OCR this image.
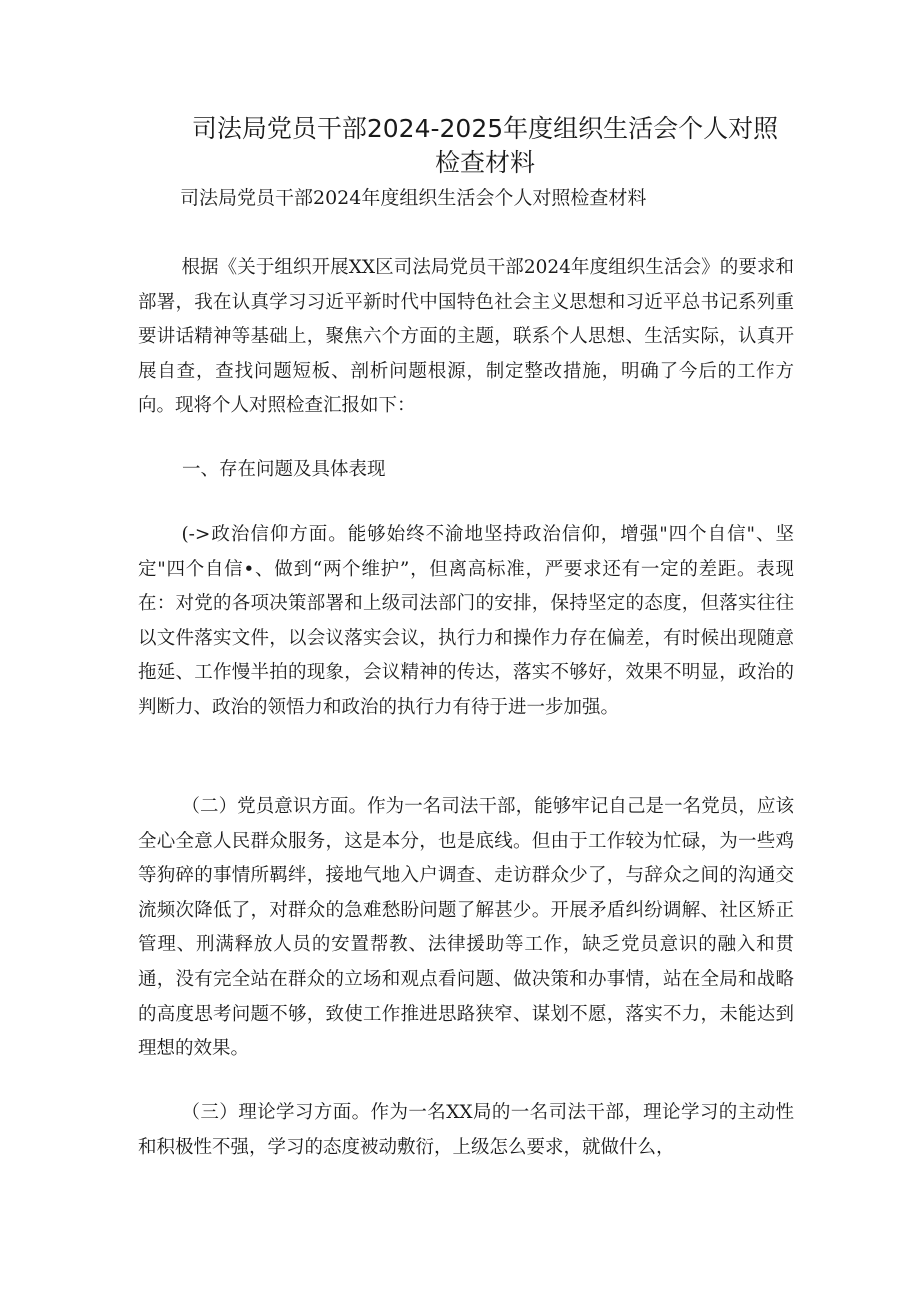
司法局党员干部2024-2025年度组织生活会个人对照检查材料

司法局党员干部2024年度组织生活会个人对照检查材料

根据《关于组织开展XX区司法局党员干部2024年度组织生活会》的要求和部署，我在认真学习习近平新时代中国特色社会主义思想和习近平总书记系列重要讲话精神等基础上，聚焦六个方面的主题，联系个人思想、生活实际，认真开展自查，查找问题短板、剖析问题根源，制定整改措施，明确了今后的工作方向。现将个人对照检查汇报如下：

一、存在问题及具体表现

(->政治信仰方面。能够始终不渝地坚持政治信仰，增强"四个自信"、坚定"四个自信•、做到“两个维护”，但离高标准，严要求还有一定的差距。表现在：对党的各项决策部署和上级司法部门的安排，保持坚定的态度，但落实往往以文件落实文件，以会议落实会议，执行力和操作力存在偏差，有时候出现随意拖延、工作慢半拍的现象，会议精神的传达，落实不够好，效果不明显，政治的判断力、政治的领悟力和政治的执行力有待于进一步加强。

（二）党员意识方面。作为一名司法干部，能够牢记自己是一名党员，应该全心全意人民群众服务，这是本分，也是底线。但由于工作较为忙碌，为一些鸡等狗碎的事情所羁绊，接地气地入户调查、走访群众少了，与辞众之间的沟通交流频次降低了，对群众的急难愁盼问题了解甚少。开展矛盾纠纷调解、社区矫正管理、刑满释放人员的安置帮教、法律援助等工作，缺乏党员意识的融入和贯通，没有完全站在群众的立场和观点看问题、做决策和办事情，站在全局和战略的高度思考问题不够，致使工作推进思路狭窄、谋划不愿，落实不力，未能达到理想的效果。

（三）理论学习方面。作为一名XX局的一名司法干部，理论学习的主动性和积极性不强，学习的态度被动敷衍，上级怎么要求，就做什么，
